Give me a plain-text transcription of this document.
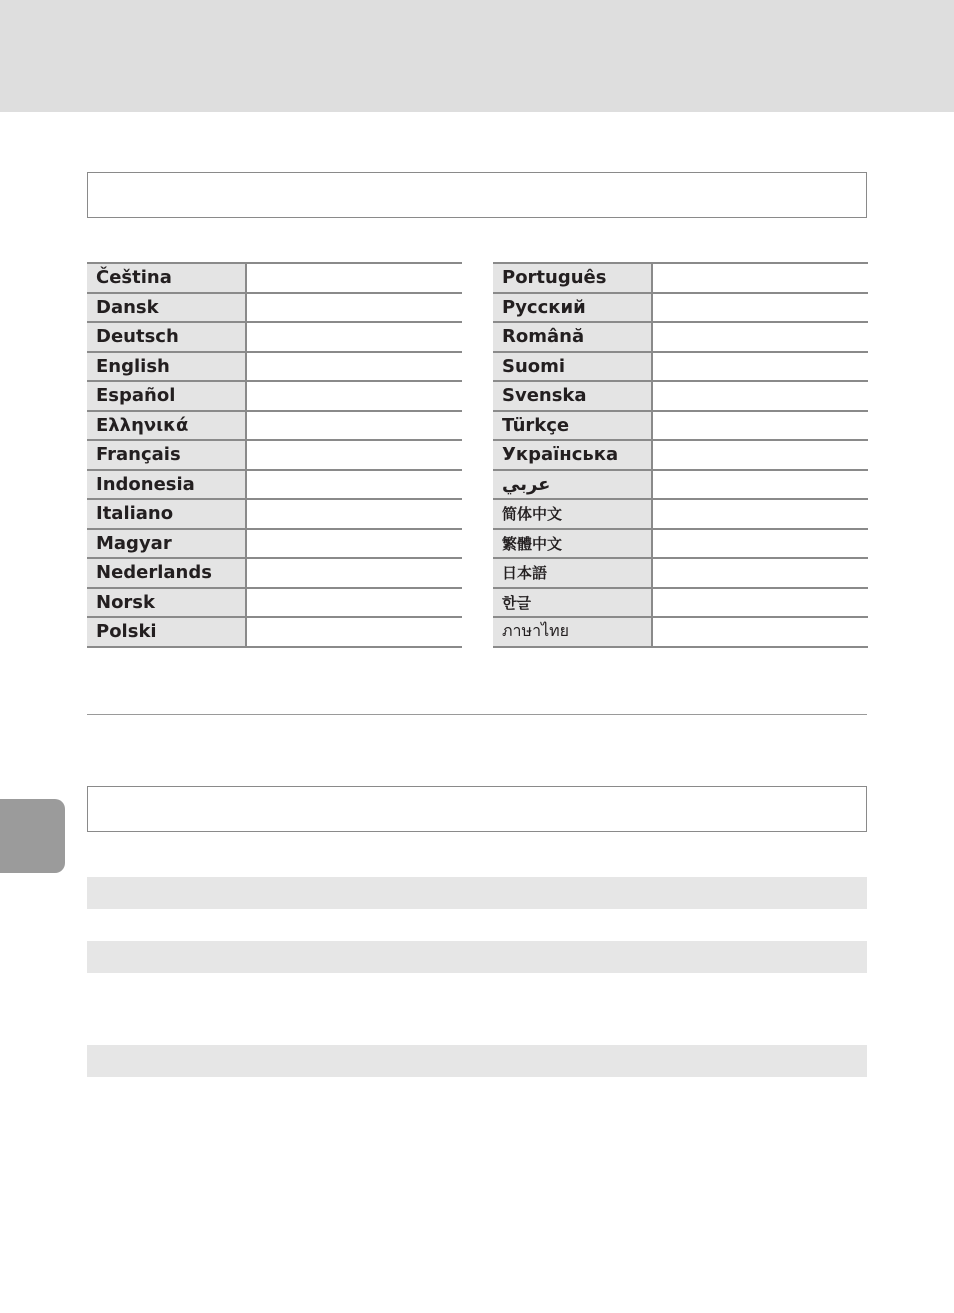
Čeština	
Dansk	
Deutsch	
English	
Español	
Ελληνικά	
Français	
Indonesia	
Italiano	
Magyar	
Nederlands	
Norsk	
Polski	
Português	
Русский	
Română	
Suomi	
Svenska	
Türkçe	
Українська	
عربي	
简体中文	
繁體中文	
日本語	
한글	
ภาษาไทย	
